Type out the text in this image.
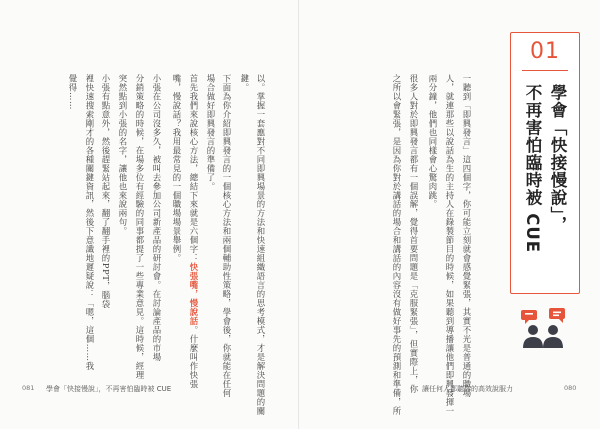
以。掌握一套應對不同即興場景的方法和快速組織語言的思考模式，才是解決問題的關
鍵。
下面為你介紹即興發言的一個核心方法和兩個輔助性策略，學會後，你就能在任何
場合做好即興發言的準備了。
首先我們來說核心方法，總結下來就是六個字：快張嘴，慢說話。什麼叫作快張
嘴，慢說話？我用最常見的一個職場場景舉例。
小張在公司沒多久，被叫去參加公司新產品的研討會。在討論產品的市場
分銷策略的時候，在場多位有經驗的同事都提了一些專業意見。這時候，經理
突然點到小張的名字，讓他也來說兩句。
小張有點意外，然後趕緊站起來，翻了翻手裡的PPT，腦袋
裡快速搜索剛才的各種關鍵資訊，然後下意識地遲疑說：「嗯，這個……我
覺得……	一聽到「即興發言」這四個字，你可能立刻就會感覺緊張，其實不光是普通的職場
人，就連那些以說話為生的主持人在錄製節目的時候，如果聽到導播讓他們即興發揮一
兩分鐘，他們也同樣會心驚肉跳。
很多人對於即興發言都有一個誤解，覺得首要問題是「克服緊張」，但實際上，你
之所以會緊張，是因為你對於講話的場合和講話的內容沒有做好事先的預測和準備，所
01
學會「快接慢說」，
不再害怕臨時被 CUE
081 學會「快接慢說」，不再害怕臨時被 CUE	讓任何人都聽你的高效說服力	080
